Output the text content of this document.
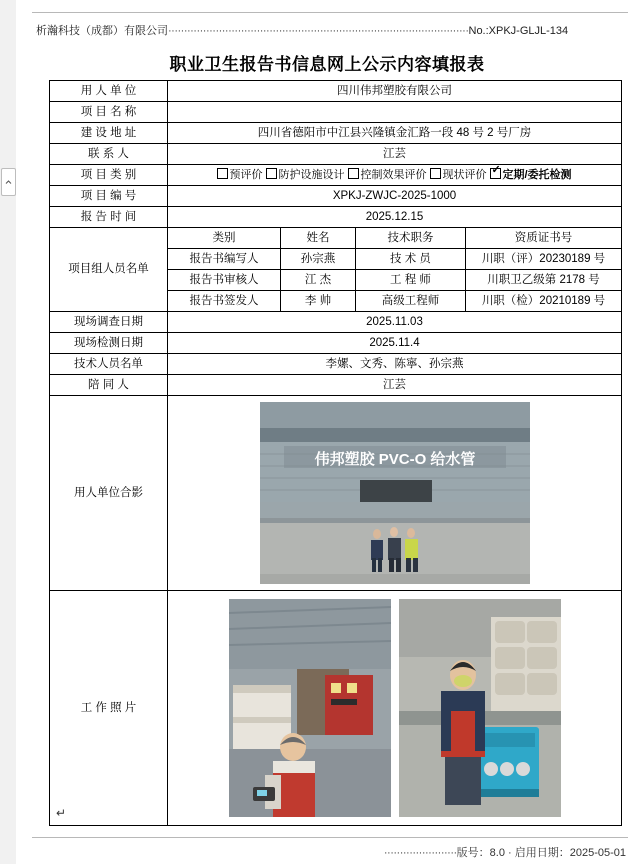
析瀚科技（成都）有限公司·······························································································No.:XPKJ-GLJL-134
职业卫生报告书信息网上公示内容填报表
用 人 单 位	四川伟邦塑胶有限公司			
项 目 名 称				
建 设 地 址	四川省德阳市中江县兴隆镇金汇路一段 48 号 2 号厂房			
联 系 人	江芸			
项 目 类 别	预评价 防护设施设计 控制效果评价 现状评价 ✓ 定期/委托检测

项 目 编 号	XPKJ-ZWJC-2025-1000			
报 告 时 间	2025.12.15			
项目组人员名单	类别	姓名	技术职务	资质证书号
	报告书编写人	孙宗燕	技 术 员	川职（评）20230189 号
	报告书审核人	江 杰	工 程 师	川职卫乙级第 2178 号
	报告书签发人	李 帅	高级工程师	川职（检）20210189 号
现场调查日期	2025.11.03			
现场检测日期	2025.11.4			
技术人员名单	李嫘、文秀、陈寧、孙宗燕			
陪 同 人	江芸			
用人单位合影	伟邦塑胶 PVC-O 给水管			

工 作 照 片	
↵
·······················版号：8.0 · 启用日期：2025-05-01
